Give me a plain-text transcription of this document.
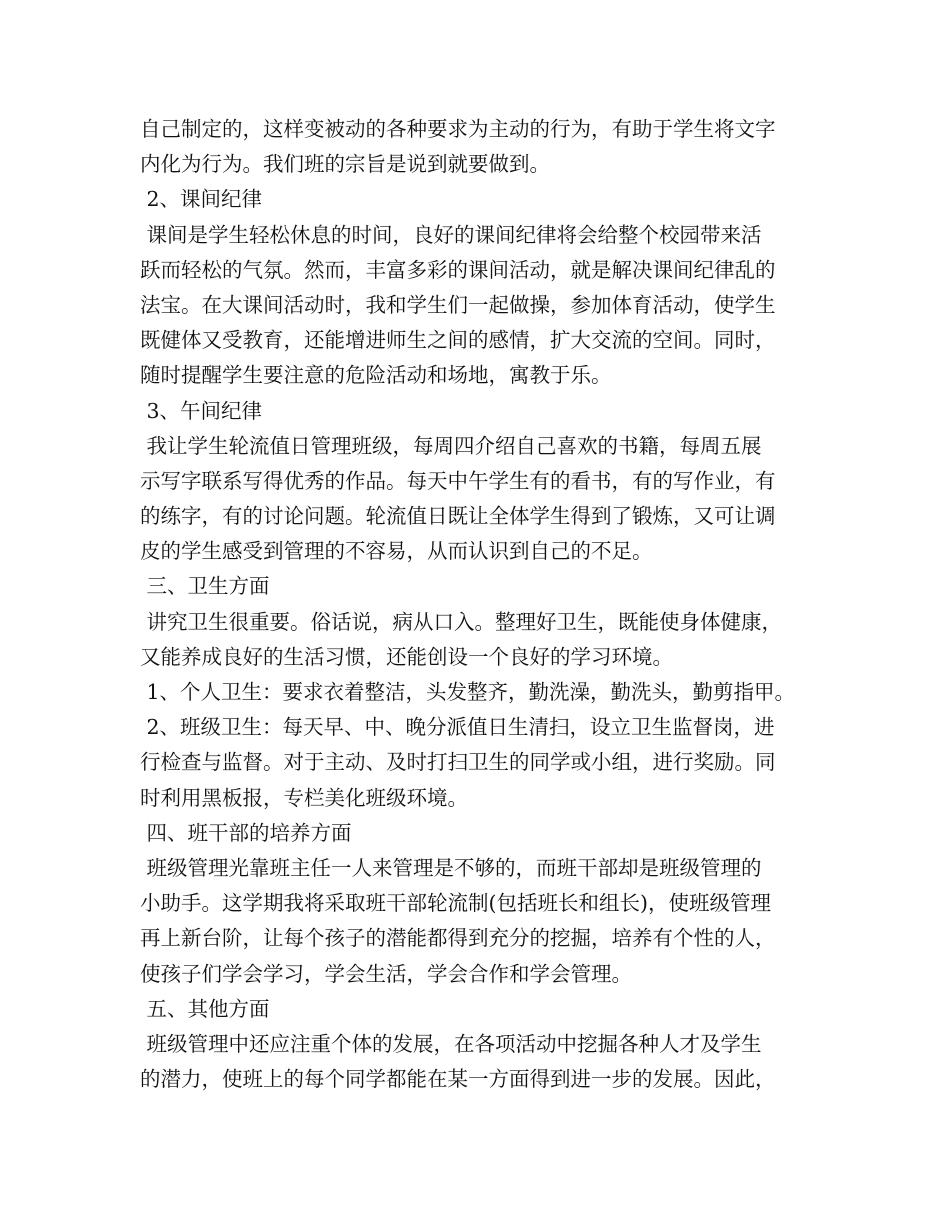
自己制定的，这样变被动的各种要求为主动的行为，有助于学生将文字
内化为行为。我们班的宗旨是说到就要做到。
2、课间纪律
课间是学生轻松休息的时间，良好的课间纪律将会给整个校园带来活
跃而轻松的气氛。然而，丰富多彩的课间活动，就是解决课间纪律乱的
法宝。在大课间活动时，我和学生们一起做操，参加体育活动，使学生
既健体又受教育，还能增进师生之间的感情，扩大交流的空间。同时，
随时提醒学生要注意的危险活动和场地，寓教于乐。
3、午间纪律
我让学生轮流值日管理班级，每周四介绍自己喜欢的书籍，每周五展
示写字联系写得优秀的作品。每天中午学生有的看书，有的写作业，有
的练字，有的讨论问题。轮流值日既让全体学生得到了锻炼，又可让调
皮的学生感受到管理的不容易，从而认识到自己的不足。
三、卫生方面
讲究卫生很重要。俗话说，病从口入。整理好卫生，既能使身体健康，
又能养成良好的生活习惯，还能创设一个良好的学习环境。
1、个人卫生：要求衣着整洁，头发整齐，勤洗澡，勤洗头，勤剪指甲。
2、班级卫生：每天早、中、晚分派值日生清扫，设立卫生监督岗，进
行检查与监督。对于主动、及时打扫卫生的同学或小组，进行奖励。同
时利用黑板报，专栏美化班级环境。
四、班干部的培养方面
班级管理光靠班主任一人来管理是不够的，而班干部却是班级管理的
小助手。这学期我将采取班干部轮流制(包括班长和组长)，使班级管理
再上新台阶，让每个孩子的潜能都得到充分的挖掘，培养有个性的人，
使孩子们学会学习，学会生活，学会合作和学会管理。
五、其他方面
班级管理中还应注重个体的发展，在各项活动中挖掘各种人才及学生
的潜力，使班上的每个同学都能在某一方面得到进一步的发展。因此，
